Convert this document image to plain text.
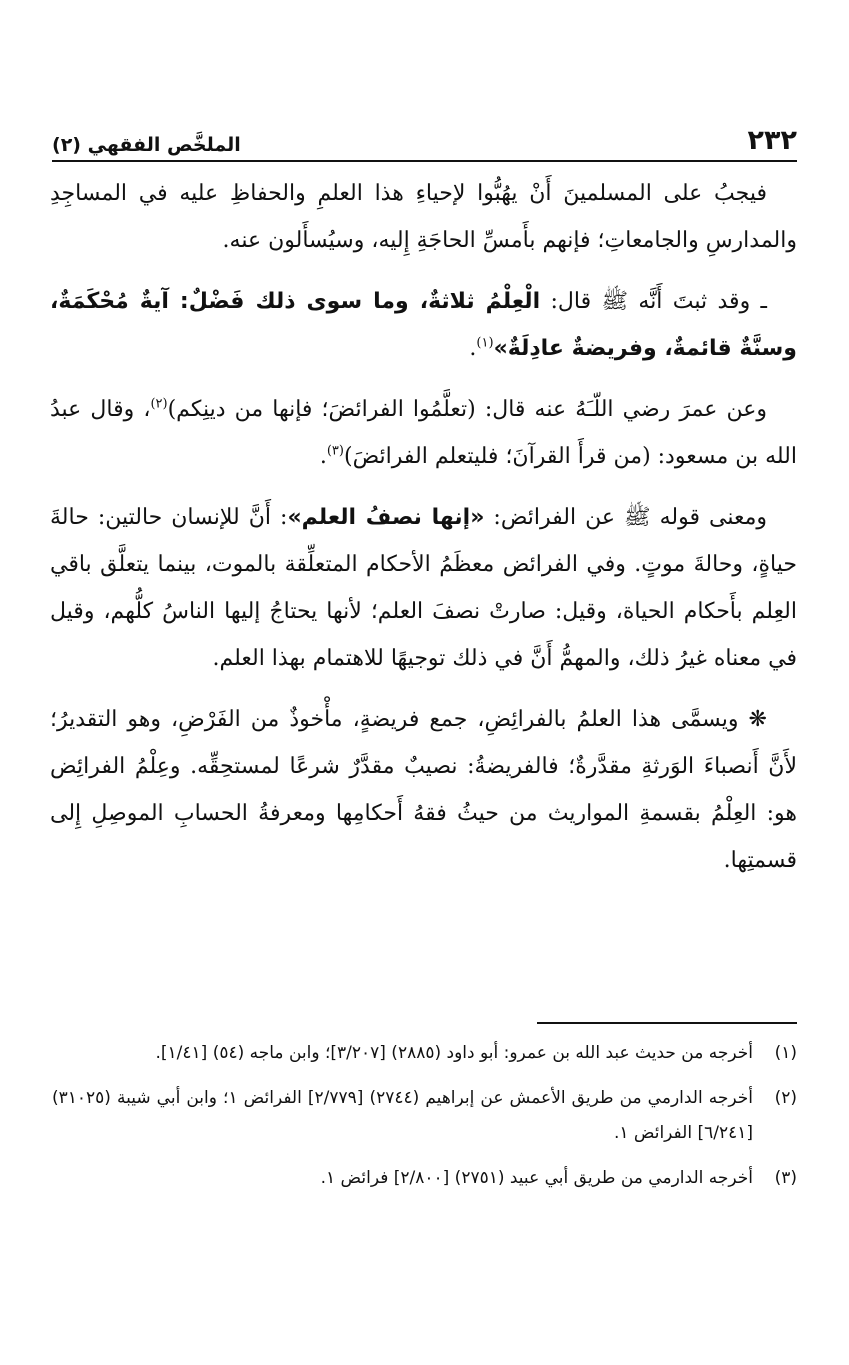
٢٣٢
الملخَّص الفقهي (٢)

فيجبُ على المسلمينَ أَنْ يهُبُّوا لإحياءِ هذا العلمِ والحفاظِ عليه في المساجِدِ والمدارسِ والجامعاتِ؛ فإنهم بأَمسِّ الحاجَةِ إِليه، وسيُسأَلون عنه.

ـ وقد ثبتَ أَنَّه ﷺ قال: الْعِلْمُ ثلاثةٌ، وما سوى ذلك فَضْلٌ: آيةٌ مُحْكَمَةٌ، وسنَّةٌ قائمةٌ، وفريضةٌ عادِلَةٌ»$^{(١)}$.

وعن عمرَ رضي اللّـَهُ عنه قال: (تعلَّمُوا الفرائضَ؛ فإنها من دينِكم)$^{(٢)}$، وقال عبدُ الله بن مسعود: (من قرأَ القرآنَ؛ فليتعلم الفرائضَ)$^{(٣)}$.

ومعنى قوله ﷺ عن الفرائض: «إنها نصفُ العلم»: أَنَّ للإنسان حالتين: حالةَ حياةٍ، وحالةَ موتٍ. وفي الفرائض معظَمُ الأحكام المتعلِّقة بالموت، بينما يتعلَّق باقي العِلم بأَحكام الحياة، وقيل: صارتْ نصفَ العلم؛ لأنها يحتاجُ إليها الناسُ كلُّهم، وقيل في معناه غيرُ ذلك، والمهمُّ أَنَّ في ذلك توجيهًا للاهتمام بهذا العلم.

❋ ويسمَّى هذا العلمُ بالفرائِضِ، جمع فريضةٍ، مأْخوذٌ من الفَرْضِ، وهو التقديرُ؛ لأَنَّ أَنصباءَ الوَرثةِ مقدَّرةٌ؛ فالفريضةُ: نصيبٌ مقدَّرٌ شرعًا لمستحِقِّه. وعِلْمُ الفرائِض هو: العِلْمُ بقسمةِ المواريث من حيثُ فقهُ أَحكامِها ومعرفةُ الحسابِ الموصِلِ إِلى قسمتِها.

(١)
أخرجه من حديث عبد الله بن عمرو: أبو داود (٢٨٨٥) [٣/٢٠٧]؛ وابن ماجه (٥٤) [١/٤١].
(٢)
أخرجه الدارمي من طريق الأعمش عن إبراهيم (٢٧٤٤) [٢/٧٧٩] الفرائض ١؛ وابن أبي شيبة (٣١٠٢٥) [٦/٢٤١] الفرائض ١.
(٣)
أخرجه الدارمي من طريق أبي عبيد (٢٧٥١) [٢/٨٠٠] فرائض ١.
